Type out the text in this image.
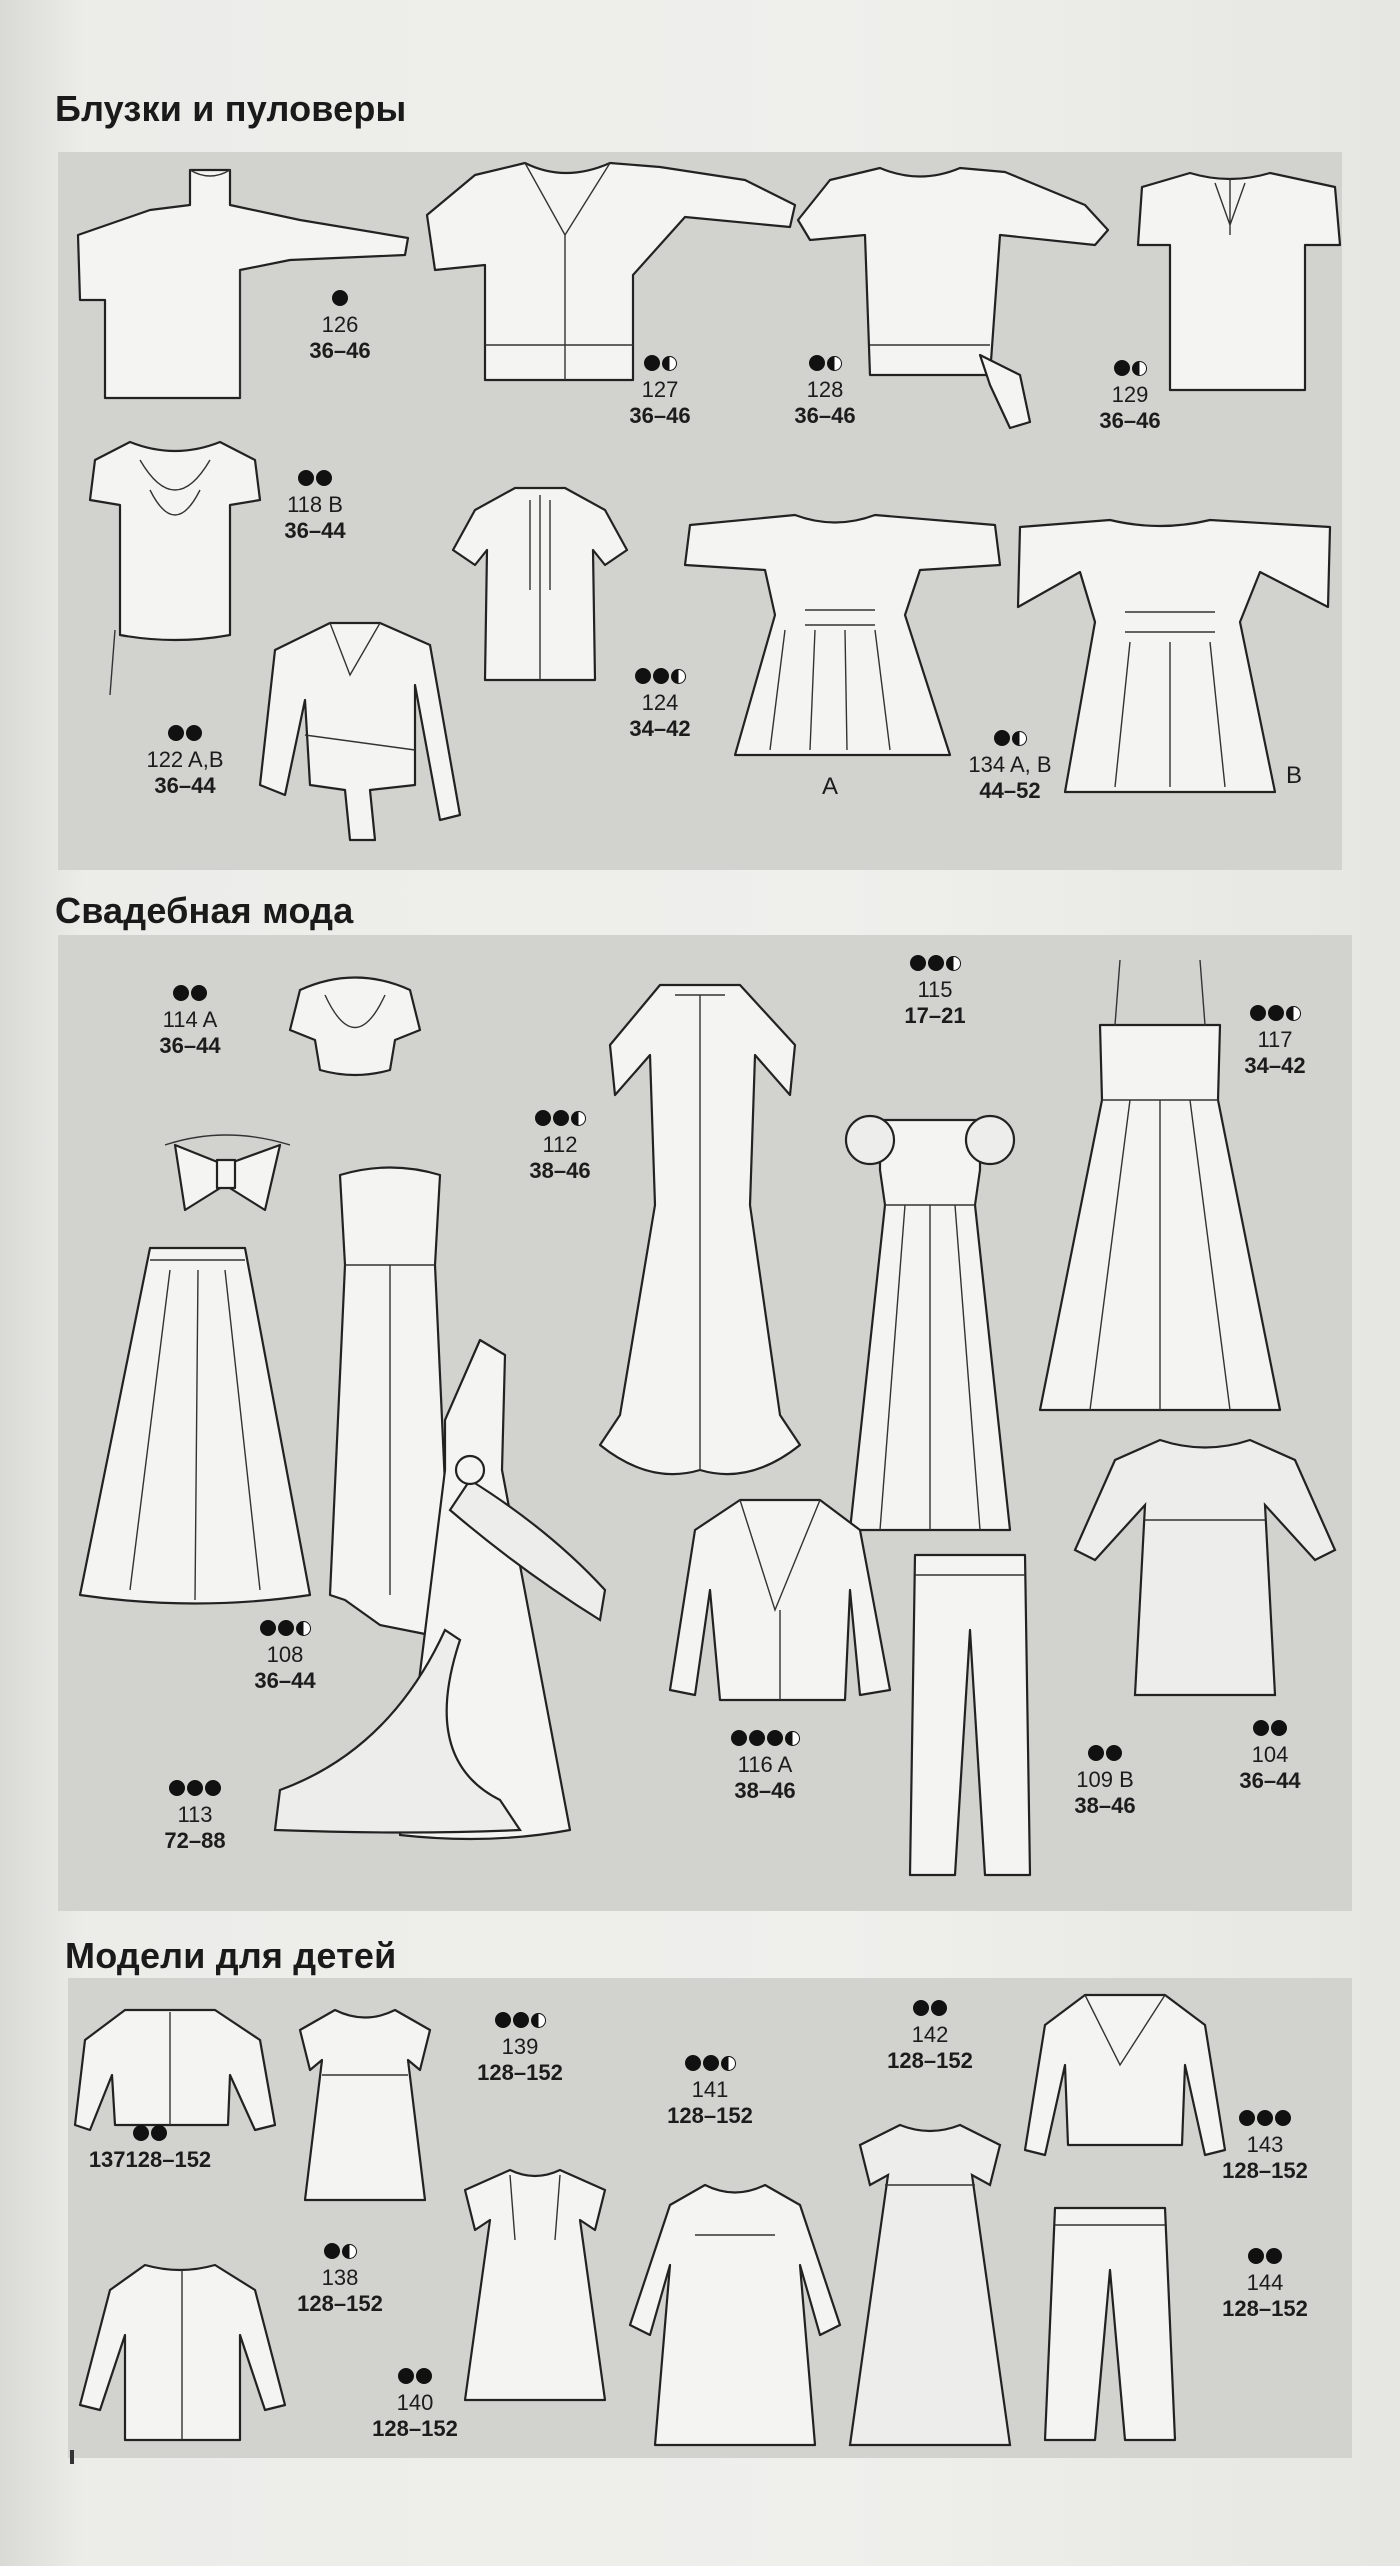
Блузки и пуловеры
126
36–46
127
36–46
128
36–46
129
36–46
118 B
36–44
124
34–42
122 A,B
36–44
134 A, B
44–52
A	B
Свадебная мода
114 A
36–44
112
38–46
115
17–21
117
34–42
108
36–44
113
72–88
116 A
38–46	109 B
38–46
104
36–44
Модели для детей
137128–152
139
128–152
141
128–152
142
128–152
143
128–152
138
128–152
144
128–152
140
128–152
